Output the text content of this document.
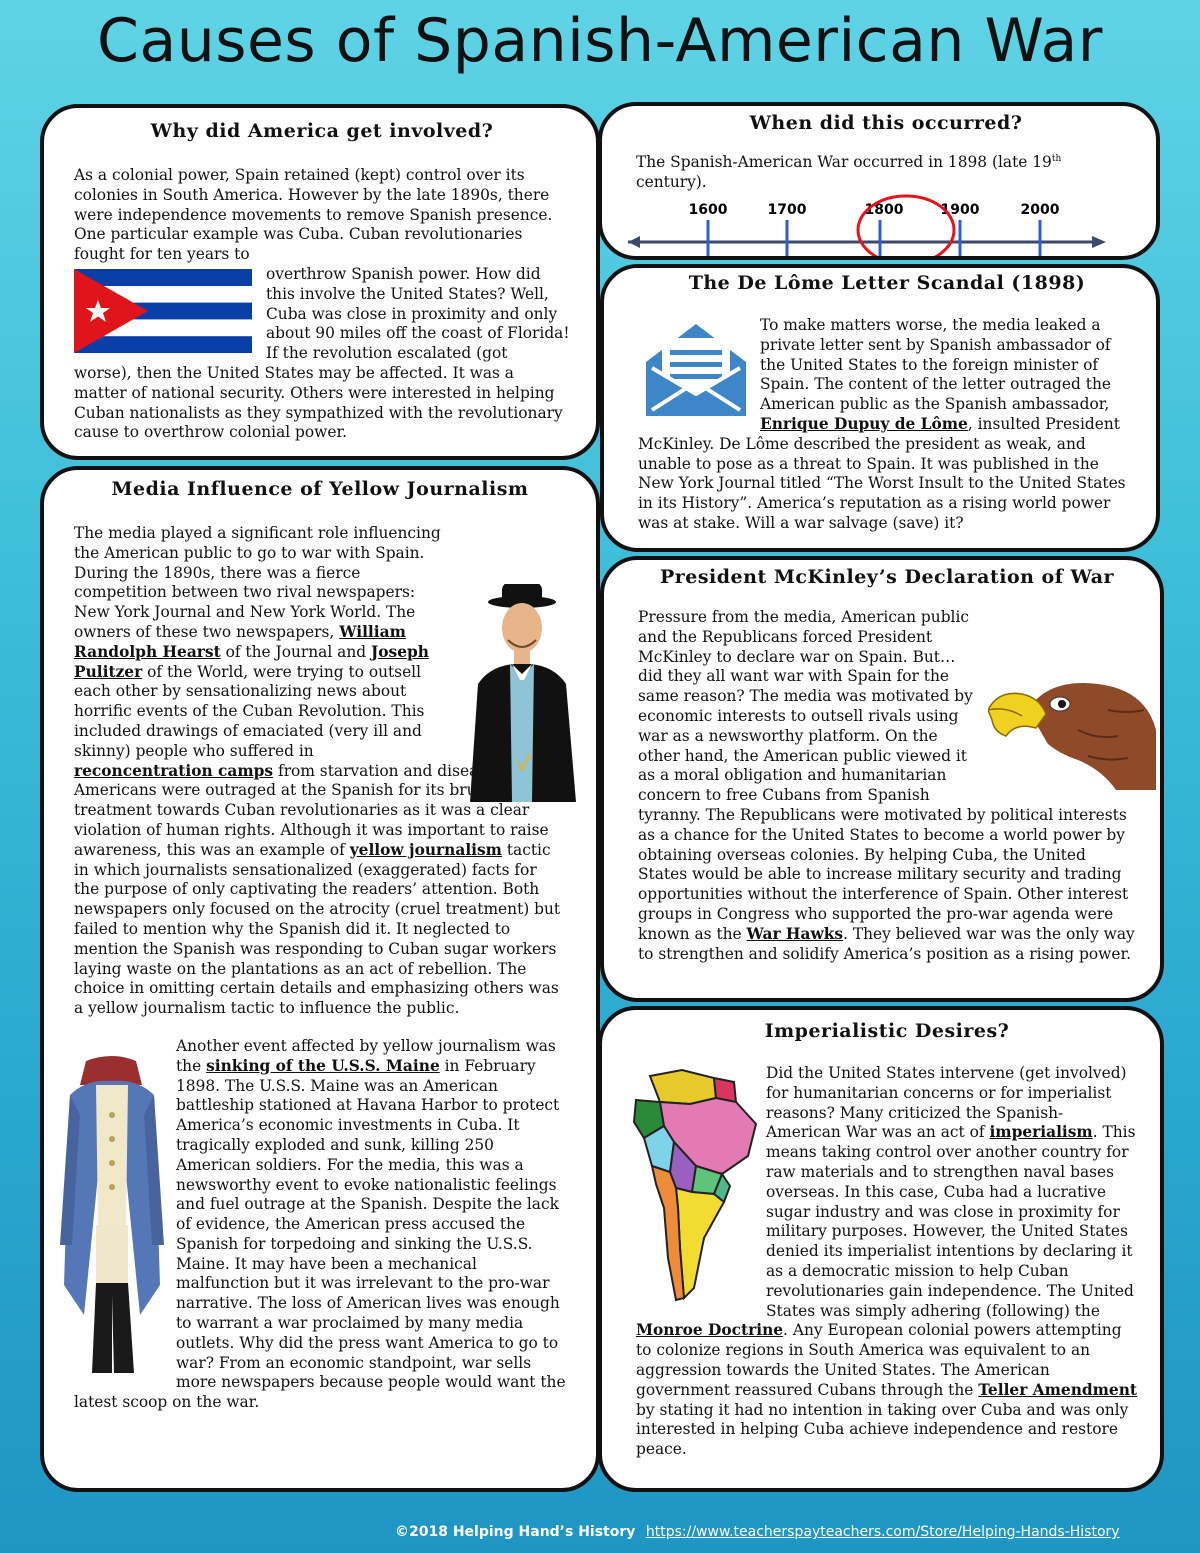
Causes of Spanish-American War
Why did America get involved?

As a colonial power, Spain retained (kept) control over its colonies in South America. However by the late 1890s, there were independence movements to remove Spanish presence. One particular example was Cuba. Cuban revolutionaries fought for ten years to

overthrow Spanish power. How did this involve the United States? Well, Cuba was close in proximity and only about 90 miles off the coast of Florida! If the revolution escalated (got worse), then the United States may be affected. It was a matter of national security. Others were interested in helping Cuban nationalists as they sympathized with the revolutionary cause to overthrow colonial power.

When did this occurred?

The Spanish-American War occurred in 1898 (late 19th century).

1600	1700	1800	1900	2000
The De Lôme Letter Scandal (1898)

To make matters worse, the media leaked a private letter sent by Spanish ambassador of the United States to the foreign minister of Spain. The content of the letter outraged the American public as the Spanish ambassador, Enrique Dupuy de Lôme, insulted President McKinley. De Lôme described the president as weak, and unable to pose as a threat to Spain. It was published in the New York Journal titled “The Worst Insult to the United States in its History”. America’s reputation as a rising world power was at stake. Will a war salvage (save) it?

Media Influence of Yellow Journalism

The media played a significant role influencing the American public to go to war with Spain. During the 1890s, there was a fierce competition between two rival newspapers: New York Journal and New York World. The owners of these two newspapers, William Randolph Hearst of the Journal and Joseph Pulitzer of the World, were trying to outsell each other by sensationalizing news about horrific events of the Cuban Revolution. This included drawings of emaciated (very ill and skinny) people who suffered in reconcentration camps from starvation and disease. Americans were outraged at the Spanish for its brutal treatment towards Cuban revolutionaries as it was a clear violation of human rights. Although it was important to raise awareness, this was an example of yellow journalism tactic in which journalists sensationalized (exaggerated) facts for the purpose of only captivating the readers’ attention. Both newspapers only focused on the atrocity (cruel treatment) but failed to mention why the Spanish did it. It neglected to mention the Spanish was responding to Cuban sugar workers laying waste on the plantations as an act of rebellion. The choice in omitting certain details and emphasizing others was a yellow journalism tactic to influence the public.

Another event affected by yellow journalism was the sinking of the U.S.S. Maine in February 1898. The U.S.S. Maine was an American battleship stationed at Havana Harbor to protect America’s economic investments in Cuba. It tragically exploded and sunk, killing 250 American soldiers. For the media, this was a newsworthy event to evoke nationalistic feelings and fuel outrage at the Spanish. Despite the lack of evidence, the American press accused the Spanish for torpedoing and sinking the U.S.S. Maine. It may have been a mechanical malfunction but it was irrelevant to the pro-war narrative. The loss of American lives was enough to warrant a war proclaimed by many media outlets. Why did the press want America to go to war? From an economic standpoint, war sells more newspapers because people would want the latest scoop on the war.

President McKinley’s Declaration of War

Pressure from the media, American public and the Republicans forced President McKinley to declare war on Spain. But… did they all want war with Spain for the same reason? The media was motivated by economic interests to outsell rivals using war as a newsworthy platform. On the other hand, the American public viewed it as a moral obligation and humanitarian concern to free Cubans from Spanish tyranny. The Republicans were motivated by political interests as a chance for the United States to become a world power by obtaining overseas colonies. By helping Cuba, the United States would be able to increase military security and trading opportunities without the interference of Spain. Other interest groups in Congress who supported the pro-war agenda were known as the War Hawks. They believed war was the only way to strengthen and solidify America’s position as a rising power.

Imperialistic Desires?

Did the United States intervene (get involved) for humanitarian concerns or for imperialist reasons? Many criticized the Spanish-American War was an act of imperialism. This means taking control over another country for raw materials and to strengthen naval bases overseas. In this case, Cuba had a lucrative sugar industry and was close in proximity for military purposes. However, the United States denied its imperialist intentions by declaring it as a democratic mission to help Cuban revolutionaries gain independence. The United States was simply adhering (following) the Monroe Doctrine. Any European colonial powers attempting to colonize regions in South America was equivalent to an aggression towards the United States. The American government reassured Cubans through the Teller Amendment by stating it had no intention in taking over Cuba and was only interested in helping Cuba achieve independence and restore peace.

©2018 Helping Hand’s History https://www.teacherspayteachers.com/Store/Helping-Hands-History
